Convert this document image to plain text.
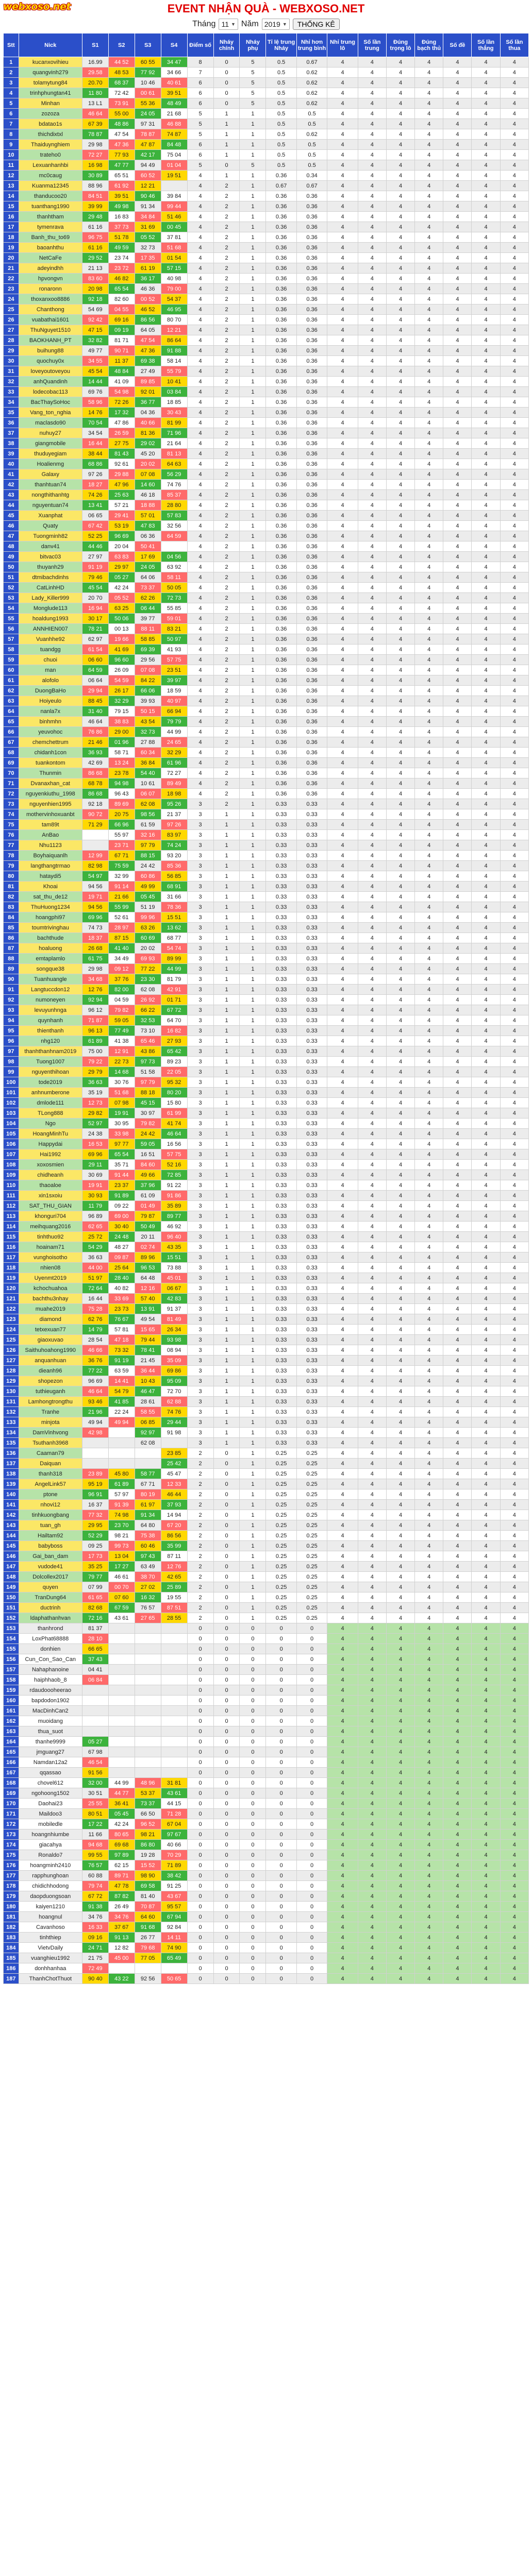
webxoso.net	EVENT NHẬN QUÀ - WEBXOSO.NET
Tháng 11 ▼ Năm 2019 ▼	THỐNG KÊ
Stt	Nick	S1	S2	S3	S4	Điểm số	Nháy chính	Nháy phụ	Tỉ lệ trung Nháy	Nhỉ hơn trung bình	Nhỉ trung lô	Số lần trung	Đúng trọng lô	Đúng bạch thủ	Số đề	Số lần thắng	Số lần thua
1	kucanxovihieu	16.99	44 52	60 55	34 47	8	0	5	0.5	0.67	4	4	4	4	4	4	4
2	quangvinh279	29.58	48 53	77 92	34 66	7	0	5	0.5	0.62	4	4	4	4	4	4	4
3	tolamytung84	20.70	68 37	10 46	40 61	6	0	5	0.5	0.62	4	4	4	4	4	4	4
4	trinhphungtan41	11 80	72 42	00 61	39 51	6	0	5	0.5	0.62	4	4	4	4	4	4	4
5	Minhan	13 L1	73 91	55 36	48 49	6	0	5	0.5	0.62	4	4	4	4	4	4	4
6	zozoza	46 64	55 00	24 05	21 68	5	1	1	0.5	0.5	4	4	4	4	4	4	4
7	bdatao1s	67 39	48 86	97 31	46 88	5	1	1	0.5	0.5	4	4	4	4	4	4	4
8	thichdixtxl	78 87	47 54	78 87	74 87	5	1	1	0.5	0.62	4	4	4	4	4	4	4
9	Thaiduynghiem	29 98	47 36	47 87	84 48	6	1	1	0.5	0.5	4	4	4	4	4	4	4
10	trateho0	72 27	77 93	42 17	75 04	6	1	1	0.5	0.5	4	4	4	4	4	4	4
11	Lexuanhanhbi	16 98	47 77	94 49	01 04	5	0	5	0.5	0.5	4	4	4	4	4	4	4
12	mc0caug	30 89	65 51	60 52	19 51	4	1	1	0.36	0.34	4	4	4	4	4	4	4
13	Kuanma12345	88 96	61 92	12 21		4	2	1	0.67	0.67	4	4	4	4	4	4	4
14	thanducoo20	84 51	39 51	90 46	39 84	4	2	1	0.36	0.36	4	4	4	4	4	4	4
15	tuanthang1990	39 99	49 98	91 34	99 44	4	2	1	0.36	0.36	4	4	4	4	4	4	4
16	thanhtham	29 48	16 83	34 84	51 46	4	2	1	0.36	0.36	4	4	4	4	4	4	4
17	tymenrava	61 16	37 73	31 69	00 45	4	2	1	0.36	0.36	4	4	4	4	4	4	4
18	Banh_thu_to69	96 75	51 78	05 52	37 81	4	2	1	0.36	0.36	4	4	4	4	4	4	4
19	baoanhthu	61 16	49 59	32 73	51 68	4	2	1	0.36	0.36	4	4	4	4	4	4	4
20	NetCaFe	29 52	23 74	17 35	01 54	4	2	1	0.36	0.36	4	4	4	4	4	4	4
21	adeyindhh	21 13	23 72	61 19	57 15	4	2	1	0.36	0.36	4	4	4	4	4	4	4
22	hpvongvn	83 60	46 82	36 17	40 98	4	2	1	0.36	0.36	4	4	4	4	4	4	4
23	ronaronn	20 98	65 54	46 36	79 00	4	2	1	0.36	0.36	4	4	4	4	4	4	4
24	thoxanxoo8886	92 18	82 60	00 52	54 37	4	2	1	0.36	0.36	4	4	4	4	4	4	4
25	Chanthong	54 69	04 55	46 52	46 95	4	2	1	0.36	0.36	4	4	4	4	4	4	4
26	vuabathai1601	92 42	69 16	86 56	80 70	4	2	1	0.36	0.36	4	4	4	4	4	4	4
27	ThuNguyet1510	47 15	09 19	64 05	12 21	4	2	1	0.36	0.36	4	4	4	4	4	4	4
28	BAOKHANH_PT	32 82	81 71	47 54	86 64	4	2	1	0.36	0.36	4	4	4	4	4	4	4
29	buihung88	49 77	90 71	47 36	91 88	4	2	1	0.36	0.36	4	4	4	4	4	4	4
30	quochuy0x	34 55	11 37	69 38	58 14	4	2	1	0.36	0.36	4	4	4	4	4	4	4
31	loveyoutoveyou	45 54	48 84	27 49	55 79	4	2	1	0.36	0.36	4	4	4	4	4	4	4
32	anhQuandinh	14 44	41 09	89 85	10 41	4	2	1	0.36	0.36	4	4	4	4	4	4	4
33	lodecobac113	69 76	54 98	92 01	03 84	4	2	1	0.36	0.36	4	4	4	4	4	4	4
34	BacThaySoHoc	58 96	72 26	36 77	18 85	4	2	1	0.36	0.36	4	4	4	4	4	4	4
35	Vang_ton_nghia	14 76	17 32	04 36	30 43	4	2	1	0.36	0.36	4	4	4	4	4	4	4
36	maclasdo90	70 54	47 86	40 66	81 99	4	2	1	0.36	0.36	4	4	4	4	4	4	4
37	nuhuy27	34 54	26 59	81 36	71 96	4	2	1	0.36	0.36	4	4	4	4	4	4	4
38	giangmobile	16 44	27 75	29 02	21 64	4	2	1	0.36	0.36	4	4	4	4	4	4	4
39	thuduyegiam	38 44	81 43	45 20	81 13	4	2	1	0.36	0.36	4	4	4	4	4	4	4
40	Hoalienmg	68 86	92 61	20 02	64 63	4	2	1	0.36	0.36	4	4	4	4	4	4	4
41	Galaxy	97 26	29 88	07 08	56 29	4	2	1	0.36	0.36	4	4	4	4	4	4	4
42	thanhtuan74	18 27	47 96	14 60	74 76	4	2	1	0.36	0.36	4	4	4	4	4	4	4
43	nongthithanhtg	74 26	25 63	46 18	85 37	4	2	1	0.36	0.36	4	4	4	4	4	4	4
44	nguyentuan74	13 41	57 21	18 88	28 80	4	2	1	0.36	0.36	4	4	4	4	4	4	4
45	Xuanphat	06 65	29 41	57 01	57 83	4	2	1	0.36	0.36	4	4	4	4	4	4	4
46	Quaty	67 42	53 19	47 83	32 56	4	2	1	0.36	0.36	4	4	4	4	4	4	4
47	Tuongminh82	52 25	96 69	06 36	64 59	4	2	1	0.36	0.36	4	4	4	4	4	4	4
48	danv41	44 46	20 04	50 41		4	2	1	0.36	0.36	4	4	4	4	4	4	4
49	bitvac03	27 97	63 83	17 69	04 56	4	2	1	0.36	0.36	4	4	4	4	4	4	4
50	thuyanh29	91 19	29 97	24 05	63 92	4	2	1	0.36	0.36	4	4	4	4	4	4	4
51	dtmibachdinhs	79 46	05 27	64 06	58 11	4	2	1	0.36	0.36	4	4	4	4	4	4	4
52	CatLinhHD	45 54	42 24	73 37	50 05	4	2	1	0.36	0.36	4	4	4	4	4	4	4
53	Lady_Killer999	20 70	05 52	62 26	72 73	4	2	1	0.36	0.36	4	4	4	4	4	4	4
54	Monglude113	16 94	63 25	06 44	55 85	4	2	1	0.36	0.36	4	4	4	4	4	4	4
55	hoaldung1993	30 17	50 06	39 77	59 01	4	2	1	0.36	0.36	4	4	4	4	4	4	4
56	ANNHIEN007	78 21	00 13	88 11	83 21	4	2	1	0.36	0.36	4	4	4	4	4	4	4
57	Vuanhhe92	62 97	19 66	58 85	50 97	4	2	1	0.36	0.36	4	4	4	4	4	4	4
58	tuandgg	61 54	41 69	69 39	41 93	4	2	1	0.36	0.36	4	4	4	4	4	4	4
59	chuoi	06 60	96 60	29 56	57 75	4	2	1	0.36	0.36	4	4	4	4	4	4	4
60	man	64 59	26 09	07 08	23 51	4	2	1	0.36	0.36	4	4	4	4	4	4	4
61	alofolo	06 64	54 59	84 22	39 97	4	2	1	0.36	0.36	4	4	4	4	4	4	4
62	DuongBaHo	29 94	26 17	66 06	18 59	4	2	1	0.36	0.36	4	4	4	4	4	4	4
63	Hoiyeulo	88 45	32 29	39 93	40 97	4	2	1	0.36	0.36	4	4	4	4	4	4	4
64	nanla7x	31 40	79 15	50 15	66 94	4	2	1	0.36	0.36	4	4	4	4	4	4	4
65	binhmhn	46 64	38 83	43 54	79 79	4	2	1	0.36	0.36	4	4	4	4	4	4	4
66	yeuvohoc	76 86	29 00	32 73	44 99	4	2	1	0.36	0.36	4	4	4	4	4	4	4
67	chemchettrum	21 46	01 96	27 88	24 65	4	2	1	0.36	0.36	4	4	4	4	4	4	4
68	chidanh1con	36 93	58 71	60 34	32 29	4	2	1	0.36	0.36	4	4	4	4	4	4	4
69	tuankontom	42 69	13 24	36 84	61 96	4	2	1	0.36	0.36	4	4	4	4	4	4	4
70	Thunmin	86 68	23 78	54 40	72 27	4	2	1	0.36	0.36	4	4	4	4	4	4	4
71	Dvanaxhan_cat	68 78	94 98	10 61	89 49	4	2	1	0.36	0.36	4	4	4	4	4	4	4
72	nguyenkiuthu_1998	86 68	96 43	06 07	18 98	4	2	1	0.36	0.36	4	4	4	4	4	4	4
73	nguyenhien1995	92 18	89 69	62 08	95 26	3	2	1	0.33	0.33	4	4	4	4	4	4	4
74	mothervinhoxuanbt	90 72	20 75	98 56	21 37	3	1	1	0.33	0.33	4	4	4	4	4	4	4
75	tam89t	71 29	66 96	61 59	97 26	3	1	1	0.33	0.33	4	4	4	4	4	4	4
76	AnBao		55 97	32 16	83 97	3	1	1	0.33	0.33	4	4	4	4	4	4	4
77	Nhu1123		23 71	97 79	74 24	3	1	1	0.33	0.33	4	4	4	4	4	4	4
78	Boyhaiquanlh	12 99	67 71	88 15	93 20	3	1	1	0.33	0.33	4	4	4	4	4	4	4
79	langthangtrmao	82 98	75 59	24 42	85 36	3	1	1	0.33	0.33	4	4	4	4	4	4	4
80	hataydi5	54 97	32 99	60 86	56 85	3	1	1	0.33	0.33	4	4	4	4	4	4	4
81	Khoai	94 56	91 14	49 99	68 91	3	1	1	0.33	0.33	4	4	4	4	4	4	4
82	sat_thu_de12	19 71	21 66	05 45	31 66	3	1	1	0.33	0.33	4	4	4	4	4	4	4
83	ThuHuong1234	94 56	55 99	51 19	78 36	3	1	1	0.33	0.33	4	4	4	4	4	4	4
84	hoangphi97	69 96	52 61	99 96	15 51	3	1	1	0.33	0.33	4	4	4	4	4	4	4
85	toumtrivinghau	74 73	28 97	63 26	13 62	3	1	1	0.33	0.33	4	4	4	4	4	4	4
86	bachthude	18 37	87 15	60 69	68 77	3	1	1	0.33	0.33	4	4	4	4	4	4	4
87	hoaluong	26 68	41 40	20 02	54 74	3	1	1	0.33	0.33	4	4	4	4	4	4	4
88	emtaplamlo	61 75	34 49	69 93	89 99	3	1	1	0.33	0.33	4	4	4	4	4	4	4
89	songque38	29 98	09 12	77 22	44 99	3	1	1	0.33	0.33	4	4	4	4	4	4	4
90	Tuanhuangle	34 68	37 76	23 30	81 79	3	1	1	0.33	0.33	4	4	4	4	4	4	4
91	Langtuccdon12	12 76	82 00	62 08	42 91	3	1	1	0.33	0.33	4	4	4	4	4	4	4
92	numoneyen	92 94	04 59	26 92	01 71	3	1	1	0.33	0.33	4	4	4	4	4	4	4
93	levuyunhnga	96 12	79 82	66 22	67 72	3	1	1	0.33	0.33	4	4	4	4	4	4	4
94	quynhanh	71 87	59 05	32 53	64 70	3	1	1	0.33	0.33	4	4	4	4	4	4	4
95	thienthanh	96 13	77 49	73 10	16 82	3	1	1	0.33	0.33	4	4	4	4	4	4	4
96	nhg120	61 89	41 38	65 46	27 93	3	1	1	0.33	0.33	4	4	4	4	4	4	4
97	thanhthanhnam2019	75 00	12 91	43 86	65 42	3	1	1	0.33	0.33	4	4	4	4	4	4	4
98	Tuong1007	79 22	22 73	97 73	89 23	3	1	1	0.33	0.33	4	4	4	4	4	4	4
99	nguyenthihoan	29 79	14 68	51 58	22 05	3	1	1	0.33	0.33	4	4	4	4	4	4	4
100	tode2019	36 63	30 76	97 79	95 32	3	1	1	0.33	0.33	4	4	4	4	4	4	4
101	anhnumberone	35 19	51 68	88 18	80 20	3	1	1	0.33	0.33	4	4	4	4	4	4	4
102	dmlode111	12 73	07 98	45 15	15 80	3	1	1	0.33	0.33	4	4	4	4	4	4	4
103	TLong888	29 82	19 91	30 97	61 99	3	1	1	0.33	0.33	4	4	4	4	4	4	4
104	Ngo	52 97	30 95	79 82	41 74	3	1	1	0.33	0.33	4	4	4	4	4	4	4
105	HoangMinhTu	24 38	33 98	24 42	46 64	3	1	1	0.33	0.33	4	4	4	4	4	4	4
106	Happydai	16 53	97 77	59 05	16 56	3	1	1	0.33	0.33	4	4	4	4	4	4	4
107	Hai1992	69 96	65 54	16 51	57 75	3	1	1	0.33	0.33	4	4	4	4	4	4	4
108	xoxosmien	29 11	35 71	84 60	52 16	3	1	1	0.33	0.33	4	4	4	4	4	4	4
109	chidheanh	30 69	91 44	49 66	72 85	3	1	1	0.33	0.33	4	4	4	4	4	4	4
110	thaoaloe	19 91	23 37	37 96	91 22	3	1	1	0.33	0.33	4	4	4	4	4	4	4
111	xin1sxoiu	30 93	91 89	61 09	91 86	3	1	1	0.33	0.33	4	4	4	4	4	4	4
112	SAT_THU_GIAN	11 79	09 22	01 49	35 89	3	1	1	0.33	0.33	4	4	4	4	4	4	4
113	khonguri704	96 89	69 00	79 87	89 77	3	1	1	0.33	0.33	4	4	4	4	4	4	4
114	meihquang2016	62 65	30 40	50 49	46 92	3	1	1	0.33	0.33	4	4	4	4	4	4	4
115	tinhthuo92	25 72	24 48	20 11	96 40	3	1	1	0.33	0.33	4	4	4	4	4	4	4
116	hoainam71	54 29	48 27	02 74	43 35	3	1	1	0.33	0.33	4	4	4	4	4	4	4
117	vunghoisotho	36 63	09 87	89 96	15 51	3	1	1	0.33	0.33	4	4	4	4	4	4	4
118	nhien08	44 00	25 64	96 53	73 88	3	1	1	0.33	0.33	4	4	4	4	4	4	4
119	Uyenmt2019	51 97	28 40	64 48	45 01	3	1	1	0.33	0.33	4	4	4	4	4	4	4
120	kchochuahoa	72 64	40 82	12 16	06 67	3	1	1	0.33	0.33	4	4	4	4	4	4	4
121	bachthu3nhay	16 44	33 69	57 40	42 83	3	1	1	0.33	0.33	4	4	4	4	4	4	4
122	muahe2019	75 28	23 73	13 91	91 37	3	1	1	0.33	0.33	4	4	4	4	4	4	4
123	diamond	62 76	76 67	49 54	81 49	3	1	1	0.33	0.33	4	4	4	4	4	4	4
124	tetxexuan77	14 79	57 81	15 65	26 34	3	1	1	0.33	0.33	4	4	4	4	4	4	4
125	giaoxuvao	28 54	47 18	79 44	93 98	3	1	1	0.33	0.33	4	4	4	4	4	4	4
126	Saithuhoahong1990	46 66	73 32	78 41	08 94	3	1	1	0.33	0.33	4	4	4	4	4	4	4
127	anquanhuan	36 76	91 19	21 45	35 09	3	1	1	0.33	0.33	4	4	4	4	4	4	4
128	dieanh96	77 22	63 59	36 44	69 86	3	1	1	0.33	0.33	4	4	4	4	4	4	4
129	shopezon	96 69	14 41	10 43	95 09	3	1	1	0.33	0.33	4	4	4	4	4	4	4
130	tuthieuganh	46 64	54 79	46 47	72 70	3	1	1	0.33	0.33	4	4	4	4	4	4	4
131	Lamhongtrongthu	93 46	41 85	28 61	62 88	3	1	1	0.33	0.33	4	4	4	4	4	4	4
132	Tranhe	21 96	22 24	58 55	74 76	3	1	1	0.33	0.33	4	4	4	4	4	4	4
133	minjota	49 94	49 94	06 85	29 44	3	1	1	0.33	0.33	4	4	4	4	4	4	4
134	DamVinhvong	42 98		92 97	91 98	3	1	1	0.33	0.33	4	4	4	4	4	4	4
135	Tsuthanh3968			62 08		3	1	1	0.33	0.33	4	4	4	4	4	4	4
136	Caaman79				23 85	2	0	1	0.25	0.25	4	4	4	4	4	4	4
137	Daiquan				25 42	2	0	1	0.25	0.25	4	4	4	4	4	4	4
138	thanh318	23 89	45 80	58 77	45 47	2	0	1	0.25	0.25	4	4	4	4	4	4	4
139	AngelLink57	95 19	61 89	67 71	12 33	2	0	1	0.25	0.25	4	4	4	4	4	4	4
140	ptone	96 91	57 97	80 19	46 44	2	0	1	0.25	0.25	4	4	4	4	4	4	4
141	nhovi12	16 37	91 39	61 97	37 93	2	0	1	0.25	0.25	4	4	4	4	4	4	4
142	tinhkuongbang	77 32	74 98	91 34	14 94	2	0	1	0.25	0.25	4	4	4	4	4	4	4
143	tuan_gh	29 95	23 70	64 80	67 20	2	0	1	0.25	0.25	4	4	4	4	4	4	4
144	Hailtam92	52 29	98 21	75 38	86 56	2	0	1	0.25	0.25	4	4	4	4	4	4	4
145	babyboss	09 25	99 73	60 46	35 99	2	0	1	0.25	0.25	4	4	4	4	4	4	4
146	Gai_ban_dam	17 73	13 04	97 43	87 11	2	0	1	0.25	0.25	4	4	4	4	4	4	4
147	vudode41	35 25	17 27	63 49	12 76	2	0	1	0.25	0.25	4	4	4	4	4	4	4
148	Dolcollex2017	79 77	46 61	38 70	42 65	2	0	1	0.25	0.25	4	4	4	4	4	4	4
149	quyen	07 99	00 70	27 02	25 89	2	0	1	0.25	0.25	4	4	4	4	4	4	4
150	TranDung64	61 65	07 60	16 32	19 55	2	0	1	0.25	0.25	4	4	4	4	4	4	4
151	ductrinh	82 68	67 59	76 57	87 51	2	0	1	0.25	0.25	4	4	4	4	4	4	4
152	ldaphathanhvan	72 16	43 61	27 65	28 55	2	0	1	0.25	0.25	4	4	4	4	4	4	4
153	thanhrond	81 37				0	0	0	0	0	4	4	4	4	4	4	4
154	LoxPhat68888	28 10				0	0	0	0	0	4	4	4	4	4	4	4
155	donhien	66 65				0	0	0	0	0	4	4	4	4	4	4	4
156	Cun_Con_Sao_Can	37 43				0	0	0	0	0	4	4	4	4	4	4	4
157	Nahaphanoine	04 41				0	0	0	0	0	4	4	4	4	4	4	4
158	haiphhaob_8	06 84				0	0	0	0	0	4	4	4	4	4	4	4
159	rdaudoooheerao					0	0	0	0	0	4	4	4	4	4	4	4
160	bapdodon1902					0	0	0	0	0	4	4	4	4	4	4	4
161	MacDinhCan2					0	0	0	0	0	4	4	4	4	4	4	4
162	muoidang					0	0	0	0	0	4	4	4	4	4	4	4
163	thua_suot					0	0	0	0	0	4	4	4	4	4	4	4
164	thanhe9999	05 27				0	0	0	0	0	4	4	4	4	4	4	4
165	jmguang27	67 98				0	0	0	0	0	4	4	4	4	4	4	4
166	Namdan12a2	46 54				0	0	0	0	0	4	4	4	4	4	4	4
167	qqassao	91 56				0	0	0	0	0	4	4	4	4	4	4	4
168	chovel612	32 00	44 99	48 96	31 81	0	0	0	0	0	4	4	4	4	4	4	4
169	ngohoong1502	30 51	44 77	53 37	43 61	0	0	0	0	0	4	4	4	4	4	4	4
170	Daohai23	25 55	36 41	73 37	44 15	0	0	0	0	0	4	4	4	4	4	4	4
171	Maildoo3	80 51	05 45	66 50	71 28	0	0	0	0	0	4	4	4	4	4	4	4
172	mobiledle	17 22	42 24	96 52	67 04	0	0	0	0	0	4	4	4	4	4	4	4
173	hoangnhiumbe	11 66	80 65	98 21	97 67	0	0	0	0	0	4	4	4	4	4	4	4
174	giacahya	94 68	69 68	86 80	40 66	0	0	0	0	0	4	4	4	4	4	4	4
175	Ronaldo7	99 55	97 89	19 28	70 29	0	0	0	0	0	4	4	4	4	4	4	4
176	hoangminh2410	76 57	62 15	15 52	71 89	0	0	0	0	0	4	4	4	4	4	4	4
177	rapphunghoan	60 88	89 71	98 90	38 42	0	0	0	0	0	4	4	4	4	4	4	4
178	chidichhodong	79 74	47 78	69 58	91 25	0	0	0	0	0	4	4	4	4	4	4	4
179	daopduongsoan	67 72	87 82	81 40	43 67	0	0	0	0	0	4	4	4	4	4	4	4
180	kaiyen1210	91 38	26 49	70 87	95 57	0	0	0	0	0	4	4	4	4	4	4	4
181	hoangnul	34 76	34 76	64 60	67 94	0	0	0	0	0	4	4	4	4	4	4	4
182	Cavanhoso	16 33	37 67	91 68	92 84	0	0	0	0	0	4	4	4	4	4	4	4
183	tinhthiep	09 16	91 13	26 77	14 11	0	0	0	0	0	4	4	4	4	4	4	4
184	VietvDaily	24 71	12 82	79 68	74 90	0	0	0	0	0	4	4	4	4	4	4	4
185	vuanghieu1992	21 75	45 00	77 05	65 49	0	0	0	0	0	4	4	4	4	4	4	4
186	donhhanhaa	72 49				0	0	0	0	0	4	4	4	4	4	4	4
187	ThanhChotThuot	90 40	43 22	92 56	50 65	0	0	0	0	0	4	4	4	4	4	4	4
